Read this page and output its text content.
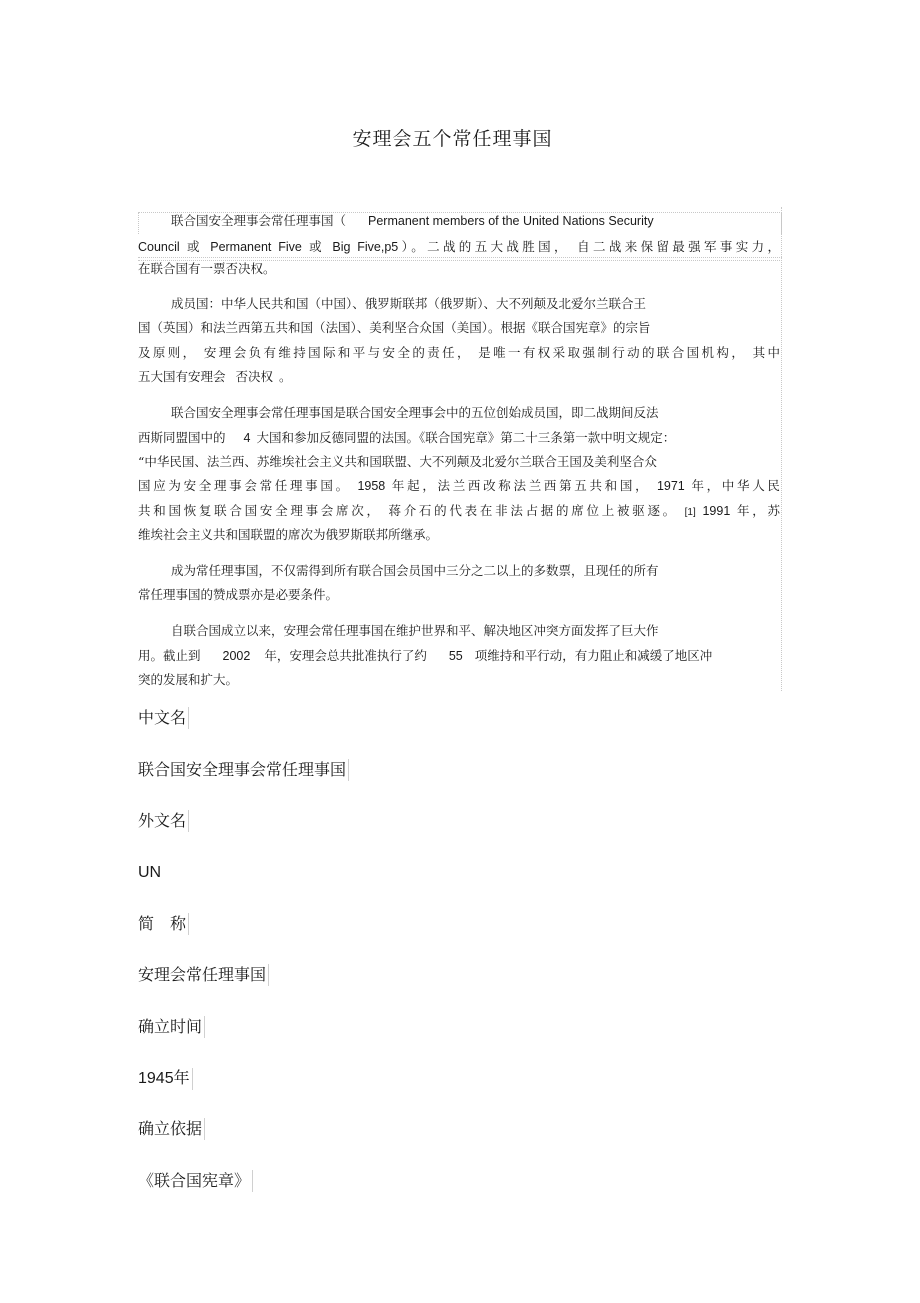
安理会五个常任理事国
联合国安全理事会常任理事国（ Permanent members of the United Nations Security
Council 或 Permanent Five 或 Big Five,p5）。二战的五大战胜国， 自二战来保留最强军事实力，
在联合国有一票否决权。
成员国：中华人民共和国（中国）、俄罗斯联邦（俄罗斯）、大不列颠及北爱尔兰联合王
国（英国）和法兰西第五共和国（法国）、美利坚合众国（美国）。根据《联合国宪章》的宗旨
及原则， 安理会负有维持国际和平与安全的责任， 是唯一有权采取强制行动的联合国机构， 其中
五大国有安理会 否决权 。
联合国安全理事会常任理事国是联合国安全理事会中的五位创始成员国，即二战期间反法
西斯同盟国中的 4 大国和参加反德同盟的法国。《联合国宪章》第二十三条第一款中明文规定：
“中华民国、法兰西、苏维埃社会主义共和国联盟、大不列颠及北爱尔兰联合王国及美利坚合众
国应为安全理事会常任理事国。 1958 年起，法兰西改称法兰西第五共和国， 1971 年，中华人民
共和国恢复联合国安全理事会席次， 蒋介石的代表在非法占据的席位上被驱逐。 [1] 1991 年，苏
维埃社会主义共和国联盟的席次为俄罗斯联邦所继承。
成为常任理事国，不仅需得到所有联合国会员国中三分之二以上的多数票，且现任的所有
常任理事国的赞成票亦是必要条件。
自联合国成立以来，安理会常任理事国在维护世界和平、解决地区冲突方面发挥了巨大作
用。截止到 2002 年，安理会总共批准执行了约 55 项维持和平行动，有力阻止和减缓了地区冲
突的发展和扩大。
中文名
联合国安全理事会常任理事国
外文名
UN
简　称
安理会常任理事国
确立时间
1945年
确立依据
《联合国宪章》
